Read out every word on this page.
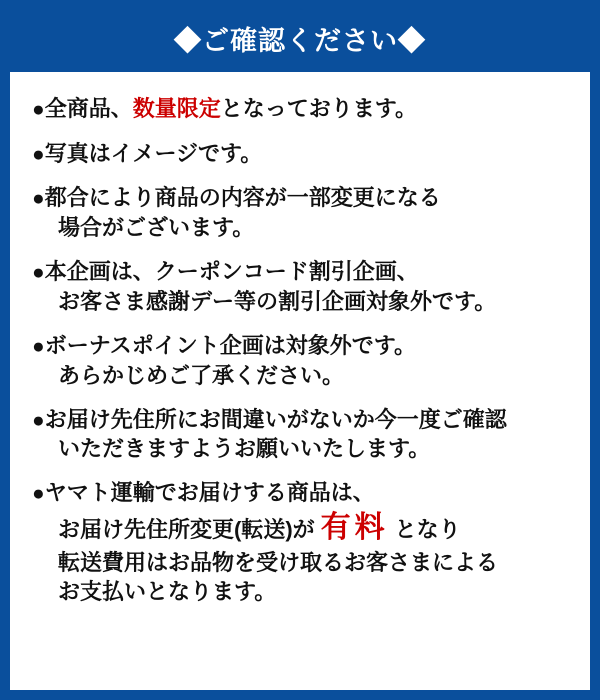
◆ご確認ください◆
●全商品、数量限定となっております。
●写真はイメージです。
●都合により商品の内容が一部変更になる
場合がございます。
●本企画は、クーポンコード割引企画、
お客さま感謝デー等の割引企画対象外です。
●ボーナスポイント企画は対象外です。
あらかじめご了承ください。
●お届け先住所にお間違いがないか今一度ご確認
いただきますようお願いいたします。
●ヤマト運輸でお届けする商品は、
お届け先住所変更(転送)が 有料 となり
転送費用はお品物を受け取るお客さまによる
お支払いとなります。
